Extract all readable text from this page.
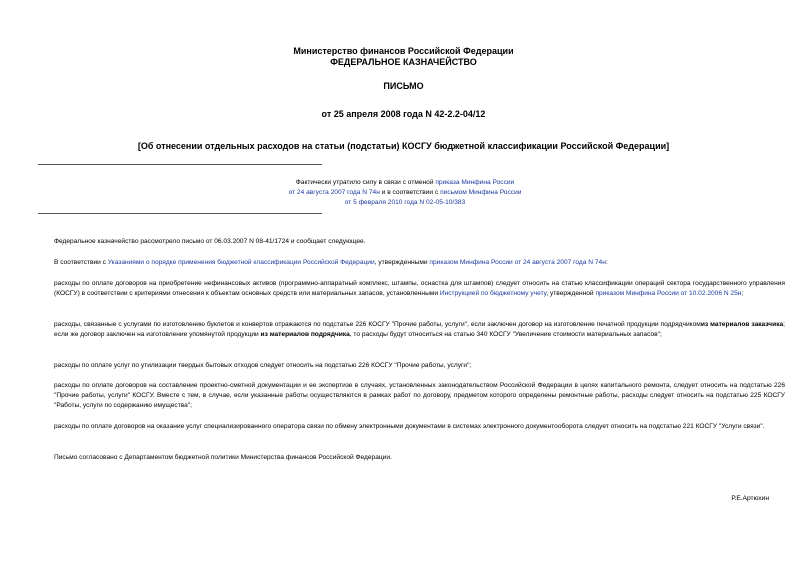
Министерство финансов Российской Федерации
ФЕДЕРАЛЬНОЕ КАЗНАЧЕЙСТВО
ПИСЬМО
от 25 апреля 2008 года N 42-2.2-04/12
[Об отнесении отдельных расходов на статьи (подстатьи) КОСГУ бюджетной классификации Российской Федерации]
Фактически утратило силу в связи с отменой приказа Минфина России
от 24 августа 2007 года N 74н и в соответствии с письмом Минфина России
от 5 февраля 2010 года N 02-05-10/383
Федеральное казначейство рассмотрело письмо от 06.03.2007 N 08-41/1724 и сообщает следующее.
В соответствии с Указаниями о порядке применения бюджетной классификации Российской Федерации, утвержденными приказом Минфина России от 24 августа 2007 года N 74н:
расходы по оплате договоров на приобретение нефинансовых активов (программно-аппаратный комплекс, штампы, оснастка для штампов) следует относить на статью классификации операций сектора государственного управления (КОСГУ) в соответствии с критериями отнесения к объектам основных средств или материальных запасов, установленными Инструкцией по бюджетному учету, утвержденной приказом Минфина России от 10.02.2006 N 25н;
расходы, связанные с услугами по изготовлению буклетов и конвертов отражаются по подстатье 226 КОСГУ "Прочие работы, услуги", если заключен договор на изготовление печатной продукции подрядчикомиз материалов заказчика; если же договор заключен на изготовление упомянутой продукции из материалов подрядчика, то расходы будут относиться на статью 340 КОСГУ "Увеличение стоимости материальных запасов";
расходы по оплате услуг по утилизации твердых бытовых отходов следует относить на подстатью 226 КОСГУ "Прочие работы, услуги";
расходы по оплате договоров на составление проектно-сметной документации и ее экспертизе в случаях, установленных законодательством Российской Федерации в целях капитального ремонта, следует относить на подстатью 226 "Прочие работы, услуги" КОСГУ. Вместе с тем, в случае, если указанные работы осуществляются в рамках работ по договору, предметом которого определены ремонтные работы, расходы следует относить на подстатью 225 КОСГУ "Работы, услуги по содержанию имущества";
расходы по оплате договоров на оказание услуг специализированного оператора связи по обмену электронными документами в системах электронного документооборота следует относить на подстатью 221 КОСГУ "Услуги связи".
Письмо согласовано с Департаментом бюджетной политики Министерства финансов Российской Федерации.
Р.Е.Артюхин
